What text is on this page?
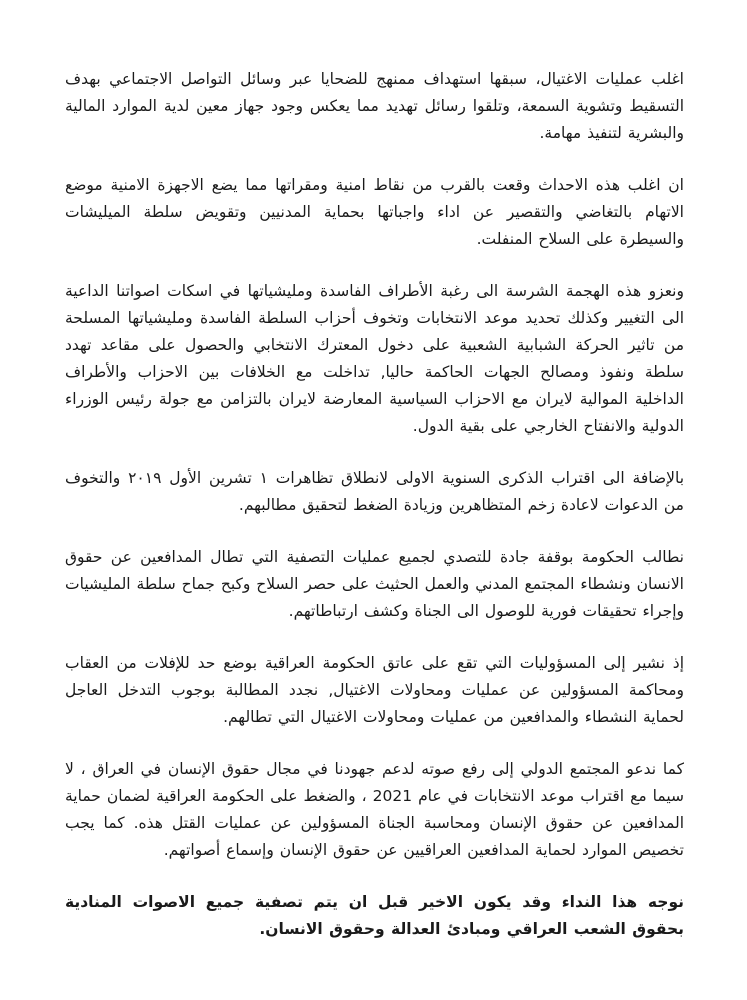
اغلب عمليات الاغتيال، سبقها استهداف ممنهج للضحايا عبر وسائل التواصل الاجتماعي بهدف التسقيط وتشوية السمعة، وتلقوا رسائل تهديد مما يعكس وجود جهاز معين لدية الموارد المالية والبشرية لتنفيذ مهامة.

ان اغلب هذه الاحداث وقعت بالقرب من نقاط امنية ومقراتها مما يضع الاجهزة الامنية موضع الاتهام بالتغاضي والتقصير عن اداء واجباتها بحماية المدنيين وتقويض سلطة الميليشات والسيطرة على السلاح المنفلت.

ونعزو هذه الهجمة الشرسة الى رغبة الأطراف الفاسدة ومليشياتها في اسكات اصواتنا الداعية الى التغيير وكذلك تحديد موعد الانتخابات وتخوف أحزاب السلطة الفاسدة ومليشياتها المسلحة من تاثير الحركة الشبابية الشعبية على دخول المعترك الانتخابي والحصول على مقاعد تهدد سلطة ونفوذ ومصالح الجهات الحاكمة حاليا, تداخلت مع الخلافات بين الاحزاب والأطراف الداخلية الموالية لايران مع الاحزاب السياسية المعارضة لايران بالتزامن مع جولة رئيس الوزراء الدولية والانفتاح الخارجي على بقية الدول.

بالإضافة الى اقتراب الذكرى السنوية الاولى لانطلاق تظاهرات ١ تشرين الأول ٢٠١٩ والتخوف من الدعوات لاعادة زخم المتظاهرين وزيادة الضغط لتحقيق مطالبهم.

نطالب الحكومة بوقفة جادة للتصدي لجميع عمليات التصفية التي تطال المدافعين عن حقوق الانسان ونشطاء المجتمع المدني والعمل الحثيث على حصر السلاح وكبح جماح سلطة المليشيات وإجراء تحقيقات فورية للوصول الى الجناة وكشف ارتباطاتهم.

إذ نشير إلى المسؤوليات التي تقع على عاتق الحكومة العراقية بوضع حد للإفلات من العقاب ومحاكمة المسؤولين عن عمليات ومحاولات الاغتيال, نجدد المطالبة بوجوب التدخل العاجل لحماية النشطاء والمدافعين من عمليات ومحاولات الاغتيال التي تطالهم.

كما ندعو المجتمع الدولي إلى رفع صوته لدعم جهودنا في مجال حقوق الإنسان في العراق ، لا سيما مع اقتراب موعد الانتخابات في عام 2021 ، والضغط على الحكومة العراقية لضمان حماية المدافعين عن حقوق الإنسان ومحاسبة الجناة المسؤولين عن عمليات القتل هذه. كما يجب تخصيص الموارد لحماية المدافعين العراقيين عن حقوق الإنسان وإسماع أصواتهم.

نوجه هذا النداء وقد يكون الاخير قبل ان يتم تصفية جميع الاصوات المنادية بحقوق الشعب العراقي ومبادئ العدالة وحقوق الانسان.
